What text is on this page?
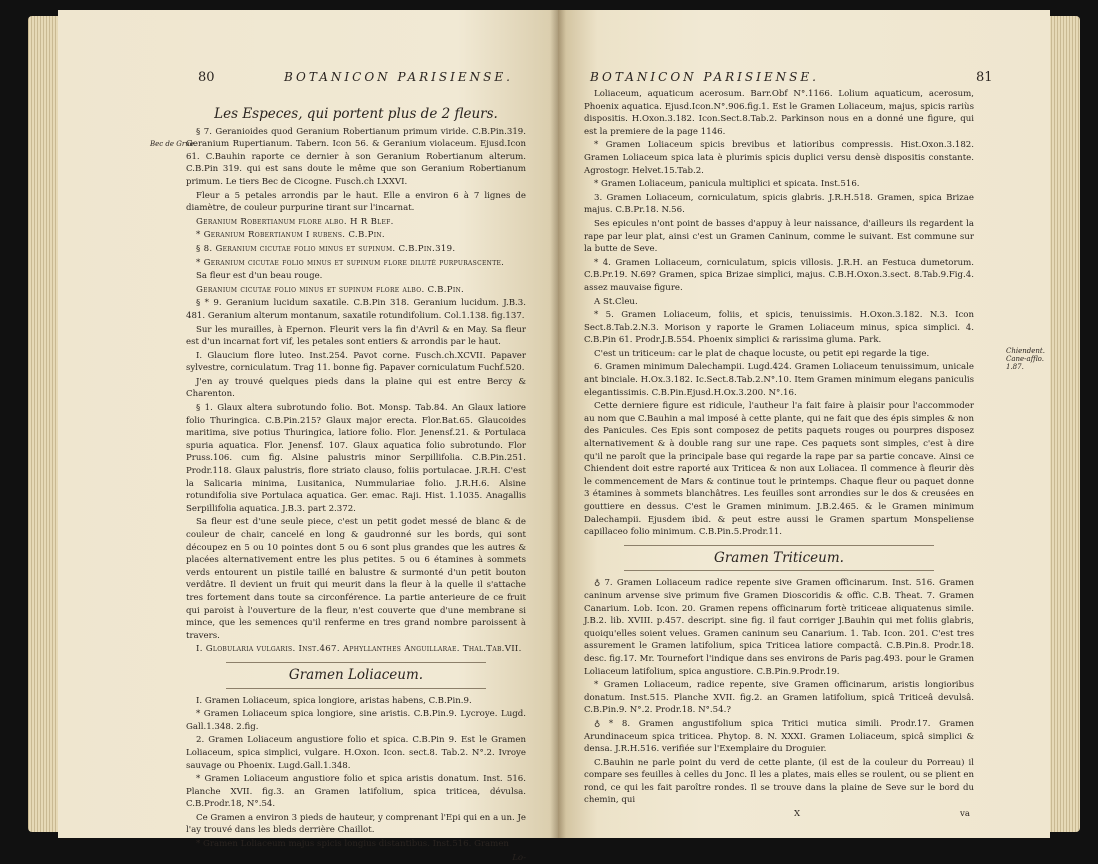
80	BOTANICON PARISIENSE.
Bec de Grue.
Les Especes, qui portent plus de 2 fleurs.

§ 7. Geranioides quod Geranium Robertianum primum viride. C.B.Pin.319. Geranium Rupertianum. Tabern. Icon 56. & Geranium violaceum. Ejusd.Icon 61. C.Bauhin raporte ce dernier à son Geranium Robertianum alterum. C.B.Pin 319. qui est sans doute le même que son Geranium Robertianum primum. Le tiers Bec de Cicogne. Fusch.ch LXXVI.

Fleur a 5 petales arrondis par le haut. Elle a environ 6 à 7 lignes de diamètre, de couleur purpurine tirant sur l'incarnat.

Geranium Robertianum flore albo. H R Blef.

* Geranium Robertianum I rubens. C.B.Pin.

§ 8. Geranium cicutae folio minus et supinum. C.B.Pin.319.

* Geranium cicutae folio minus et supinum flore diluté purpurascente.

Sa fleur est d'un beau rouge.

Geranium cicutae folio minus et supinum flore albo. C.B.Pin.

§ * 9. Geranium lucidum saxatile. C.B.Pin 318. Geranium lucidum. J.B.3. 481. Geranium alterum montanum, saxatile rotundifolium. Col.1.138. fig.137.

Sur les murailles, à Epernon. Fleurit vers la fin d'Avril & en May. Sa fleur est d'un incarnat fort vif, les petales sont entiers & arrondis par le haut.

I. Glaucium flore luteo. Inst.254. Pavot corne. Fusch.ch.XCVII. Papaver sylvestre, corniculatum. Trag 11. bonne fig. Papaver corniculatum Fuchf.520.

J'en ay trouvé quelques pieds dans la plaine qui est entre Bercy & Charenton.

§ 1. Glaux altera subrotundo folio. Bot. Monsp. Tab.84. An Glaux latiore folio Thuringica. C.B.Pin.215? Glaux major erecta. Flor.Bat.65. Glaucoides maritima, sive potius Thuringica, latiore folio. Flor. Jenensf.21. & Portulaca spuria aquatica. Flor. Jenensf. 107. Glaux aquatica folio subrotundo. Flor Pruss.106. cum fig. Alsine palustris minor Serpillifolia. C.B.Pin.251. Prodr.118. Glaux palustris, flore striato clauso, foliis portulacae. J.R.H. C'est la Salicaria minima, Lusitanica, Nummulariae folio. J.R.H.6. Alsine rotundifolia sive Portulaca aquatica. Ger. emac. Raji. Hist. 1.1035. Anagallis Serpillifolia aquatica. J.B.3. part 2.372.

Sa fleur est d'une seule piece, c'est un petit godet messé de blanc & de couleur de chair, cancelé en long & gaudronné sur les bords, qui sont découpez en 5 ou 10 pointes dont 5 ou 6 sont plus grandes que les autres & placées alternativement entre les plus petites. 5 ou 6 étamines à sommets verds entourent un pistile taillé en balustre & surmonté d'un petit bouton verdâtre. Il devient un fruit qui meurit dans la fleur à la quelle il s'attache tres fortement dans toute sa circonférence. La partie anterieure de ce fruit qui paroist à l'ouverture de la fleur, n'est couverte que d'une membrane si mince, que les semences qu'il renferme en tres grand nombre paroissent à travers.

I. Globularia vulgaris. Inst.467. Aphyllanthes Anguillarae. Thal.Tab.VII.

Gramen Loliaceum.

I. Gramen Loliaceum, spica longiore, aristas habens, C.B.Pin.9.

* Gramen Loliaceum spica longiore, sine aristis. C.B.Pin.9. Lycroye. Lugd. Gall.1.348. 2.fig.

2. Gramen Loliaceum angustiore folio et spica. C.B.Pin 9. Est le Gramen Loliaceum, spica simplici, vulgare. H.Oxon. Icon. sect.8. Tab.2. N°.2. Ivroye sauvage ou Phoenix. Lugd.Gall.1.348.

* Gramen Loliaceum angustiore folio et spica aristis donatum. Inst. 516. Planche XVII. fig.3. an Gramen latifolium, spica triticea, dévulsa. C.B.Prodr.18, N°.54.

Ce Gramen a environ 3 pieds de hauteur, y comprenant l'Epi qui en a un. Je l'ay trouvé dans les bleds derrière Chaillot.

* Gramen Loliaceum majus spicis longius distantibus. Inst.516. Gramen

Lo-
BOTANICON PARISIENSE.	81
Chiendent. Cane-afflo. 1.87.

Loliaceum, aquaticum acerosum. Barr.Obf N°.1166. Lolium aquaticum, acerosum, Phoenix aquatica. Ejusd.Icon.N°.906.fig.1. Est le Gramen Loliaceum, majus, spicis rariùs dispositis. H.Oxon.3.182. Icon.Sect.8.Tab.2. Parkinson nous en a donné une figure, qui est la premiere de la page 1146.

* Gramen Loliaceum spicis brevibus et latioribus compressis. Hist.Oxon.3.182. Gramen Loliaceum spica lata è plurimis spicis duplici versu densè dispositis constante. Agrostogr. Helvet.15.Tab.2.

* Gramen Loliaceum, panicula multiplici et spicata. Inst.516.

3. Gramen Loliaceum, corniculatum, spicis glabris. J.R.H.518. Gramen, spica Brizae majus. C.B.Pr.18. N.56.

Ses epicules n'ont point de basses d'appuy à leur naissance, d'ailleurs ils regardent la rape par leur plat, ainsi c'est un Gramen Caninum, comme le suivant. Est commune sur la butte de Seve.

* 4. Gramen Loliaceum, corniculatum, spicis villosis. J.R.H. an Festuca dumetorum. C.B.Pr.19. N.69? Gramen, spica Brizae simplici, majus. C.B.H.Oxon.3.sect. 8.Tab.9.Fig.4. assez mauvaise figure.

A St.Cleu.

* 5. Gramen Loliaceum, foliis, et spicis, tenuissimis. H.Oxon.3.182. N.3. Icon Sect.8.Tab.2.N.3. Morison y raporte le Gramen Loliaceum minus, spica simplici. 4. C.B.Pin 61. Prodr.J.B.554. Phoenix simplici & rarissima gluma. Park.

C'est un triticeum: car le plat de chaque locuste, ou petit epi regarde la tige.

6. Gramen minimum Dalechampii. Lugd.424. Gramen Loliaceum tenuissimum, unicale ant binciale. H.Ox.3.182. Ic.Sect.8.Tab.2.N°.10. Item Gramen minimum elegans paniculis elegantissimis. C.B.Pin.Ejusd.H.Ox.3.200. N°.16.

Cette derniere figure est ridicule, l'autheur l'a fait faire à plaisir pour l'accommoder au nom que C.Bauhin a mal imposé à cette plante, qui ne fait que des épis simples & non des Panicules. Ces Epis sont composez de petits paquets rouges ou pourpres disposez alternativement & à double rang sur une rape. Ces paquets sont simples, c'est à dire qu'il ne paroît que la principale base qui regarde la rape par sa partie concave. Ainsi ce Chiendent doit estre raporté aux Triticea & non aux Loliacea. Il commence à fleurir dès le commencement de Mars & continue tout le printemps. Chaque fleur ou paquet donne 3 étamines à sommets blanchâtres. Les feuilles sont arrondies sur le dos & creusées en gouttiere en dessus. C'est le Gramen minimum. J.B.2.465. & le Gramen minimum Dalechampii. Ejusdem ibid. & peut estre aussi le Gramen spartum Monspeliense capillaceo folio minimum. C.B.Pin.5.Prodr.11.

Gramen Triticeum.

♁ 7. Gramen Loliaceum radice repente sive Gramen officinarum. Inst. 516. Gramen caninum arvense sive primum five Gramen Dioscoridis & offic. C.B. Theat. 7. Gramen Canarium. Lob. Icon. 20. Gramen repens officinarum fortè triticeae aliquatenus simile. J.B.2. lib. XVIII. p.457. descript. sine fig. il faut corriger J.Bauhin qui met foliis glabris, quoiqu'elles soient velues. Gramen caninum seu Canarium. 1. Tab. Icon. 201. C'est tres assurement le Gramen latifolium, spica Triticea latiore compactâ. C.B.Pin.8. Prodr.18. desc. fig.17. Mr. Tournefort l'indique dans ses environs de Paris pag.493. pour le Gramen Loliaceum latifolium, spica angustiore. C.B.Pin.9.Prodr.19.

* Gramen Loliaceum, radice repente, sive Gramen officinarum, aristis longioribus donatum. Inst.515. Planche XVII. fig.2. an Gramen latifolium, spicâ Triticeâ devulsâ. C.B.Pin.9. N°.2. Prodr.18. N°.54.?

♁ * 8. Gramen angustifolium spica Tritici mutica simili. Prodr.17. Gramen Arundinaceum spica triticea. Phytop. 8. N. XXXI. Gramen Loliaceum, spicâ simplici & densa. J.R.H.516. verifiée sur l'Exemplaire du Droguier.

C.Bauhin ne parle point du verd de cette plante, (il est de la couleur du Porreau) il compare ses feuilles à celles du Jonc. Il les a plates, mais elles se roulent, ou se plient en rond, ce qui les fait paroître rondes. Il se trouve dans la plaine de Seve sur le bord du chemin, qui

X	va
